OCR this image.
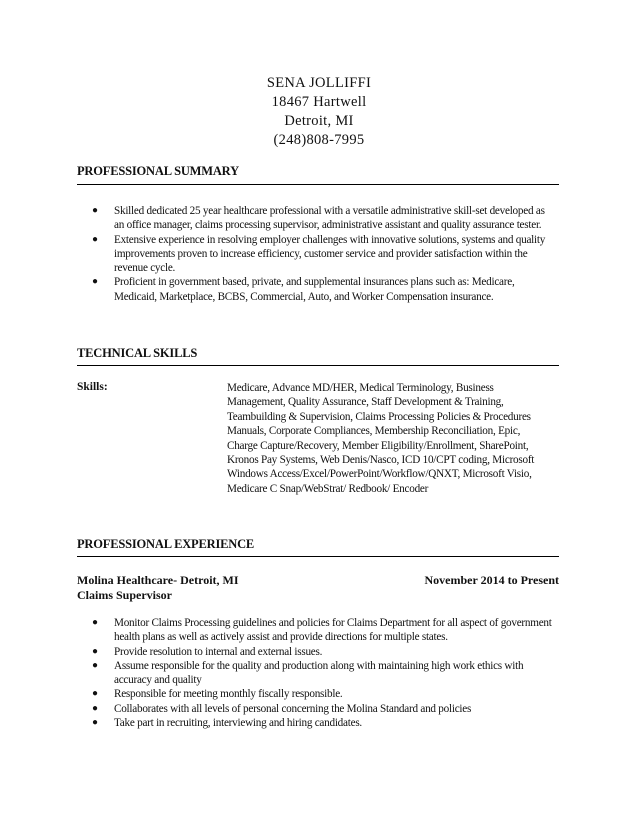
SENA JOLLIFFI
18467 Hartwell
Detroit, MI
(248)808-7995
PROFESSIONAL SUMMARY
● Skilled dedicated 25 year healthcare professional with a versatile administrative skill-set developed as an office manager, claims processing supervisor, administrative assistant and quality assurance tester.
● Extensive experience in resolving employer challenges with innovative solutions, systems and quality improvements proven to increase efficiency, customer service and provider satisfaction within the revenue cycle.
● Proficient in government based, private, and supplemental insurances plans such as: Medicare, Medicaid, Marketplace, BCBS, Commercial, Auto, and Worker Compensation insurance.
TECHNICAL SKILLS
Skills:	Medicare, Advance MD/HER, Medical Terminology, Business Management, Quality Assurance, Staff Development & Training, Teambuilding & Supervision, Claims Processing Policies & Procedures Manuals, Corporate Compliances, Membership Reconciliation, Epic, Charge Capture/Recovery, Member Eligibility/Enrollment, SharePoint, Kronos Pay Systems, Web Denis/Nasco, ICD 10/CPT coding, Microsoft Windows Access/Excel/PowerPoint/Workflow/QNXT, Microsoft Visio, Medicare C Snap/WebStrat/ Redbook/ Encoder
PROFESSIONAL EXPERIENCE
Molina Healthcare- Detroit, MI	November 2014 to Present
Claims Supervisor
● Monitor Claims Processing guidelines and policies for Claims Department for all aspect of government health plans as well as actively assist and provide directions for multiple states.
● Provide resolution to internal and external issues.
● Assume responsible for the quality and production along with maintaining high work ethics with accuracy and quality
● Responsible for meeting monthly fiscally responsible.
● Collaborates with all levels of personal concerning the Molina Standard and policies
● Take part in recruiting, interviewing and hiring candidates.
